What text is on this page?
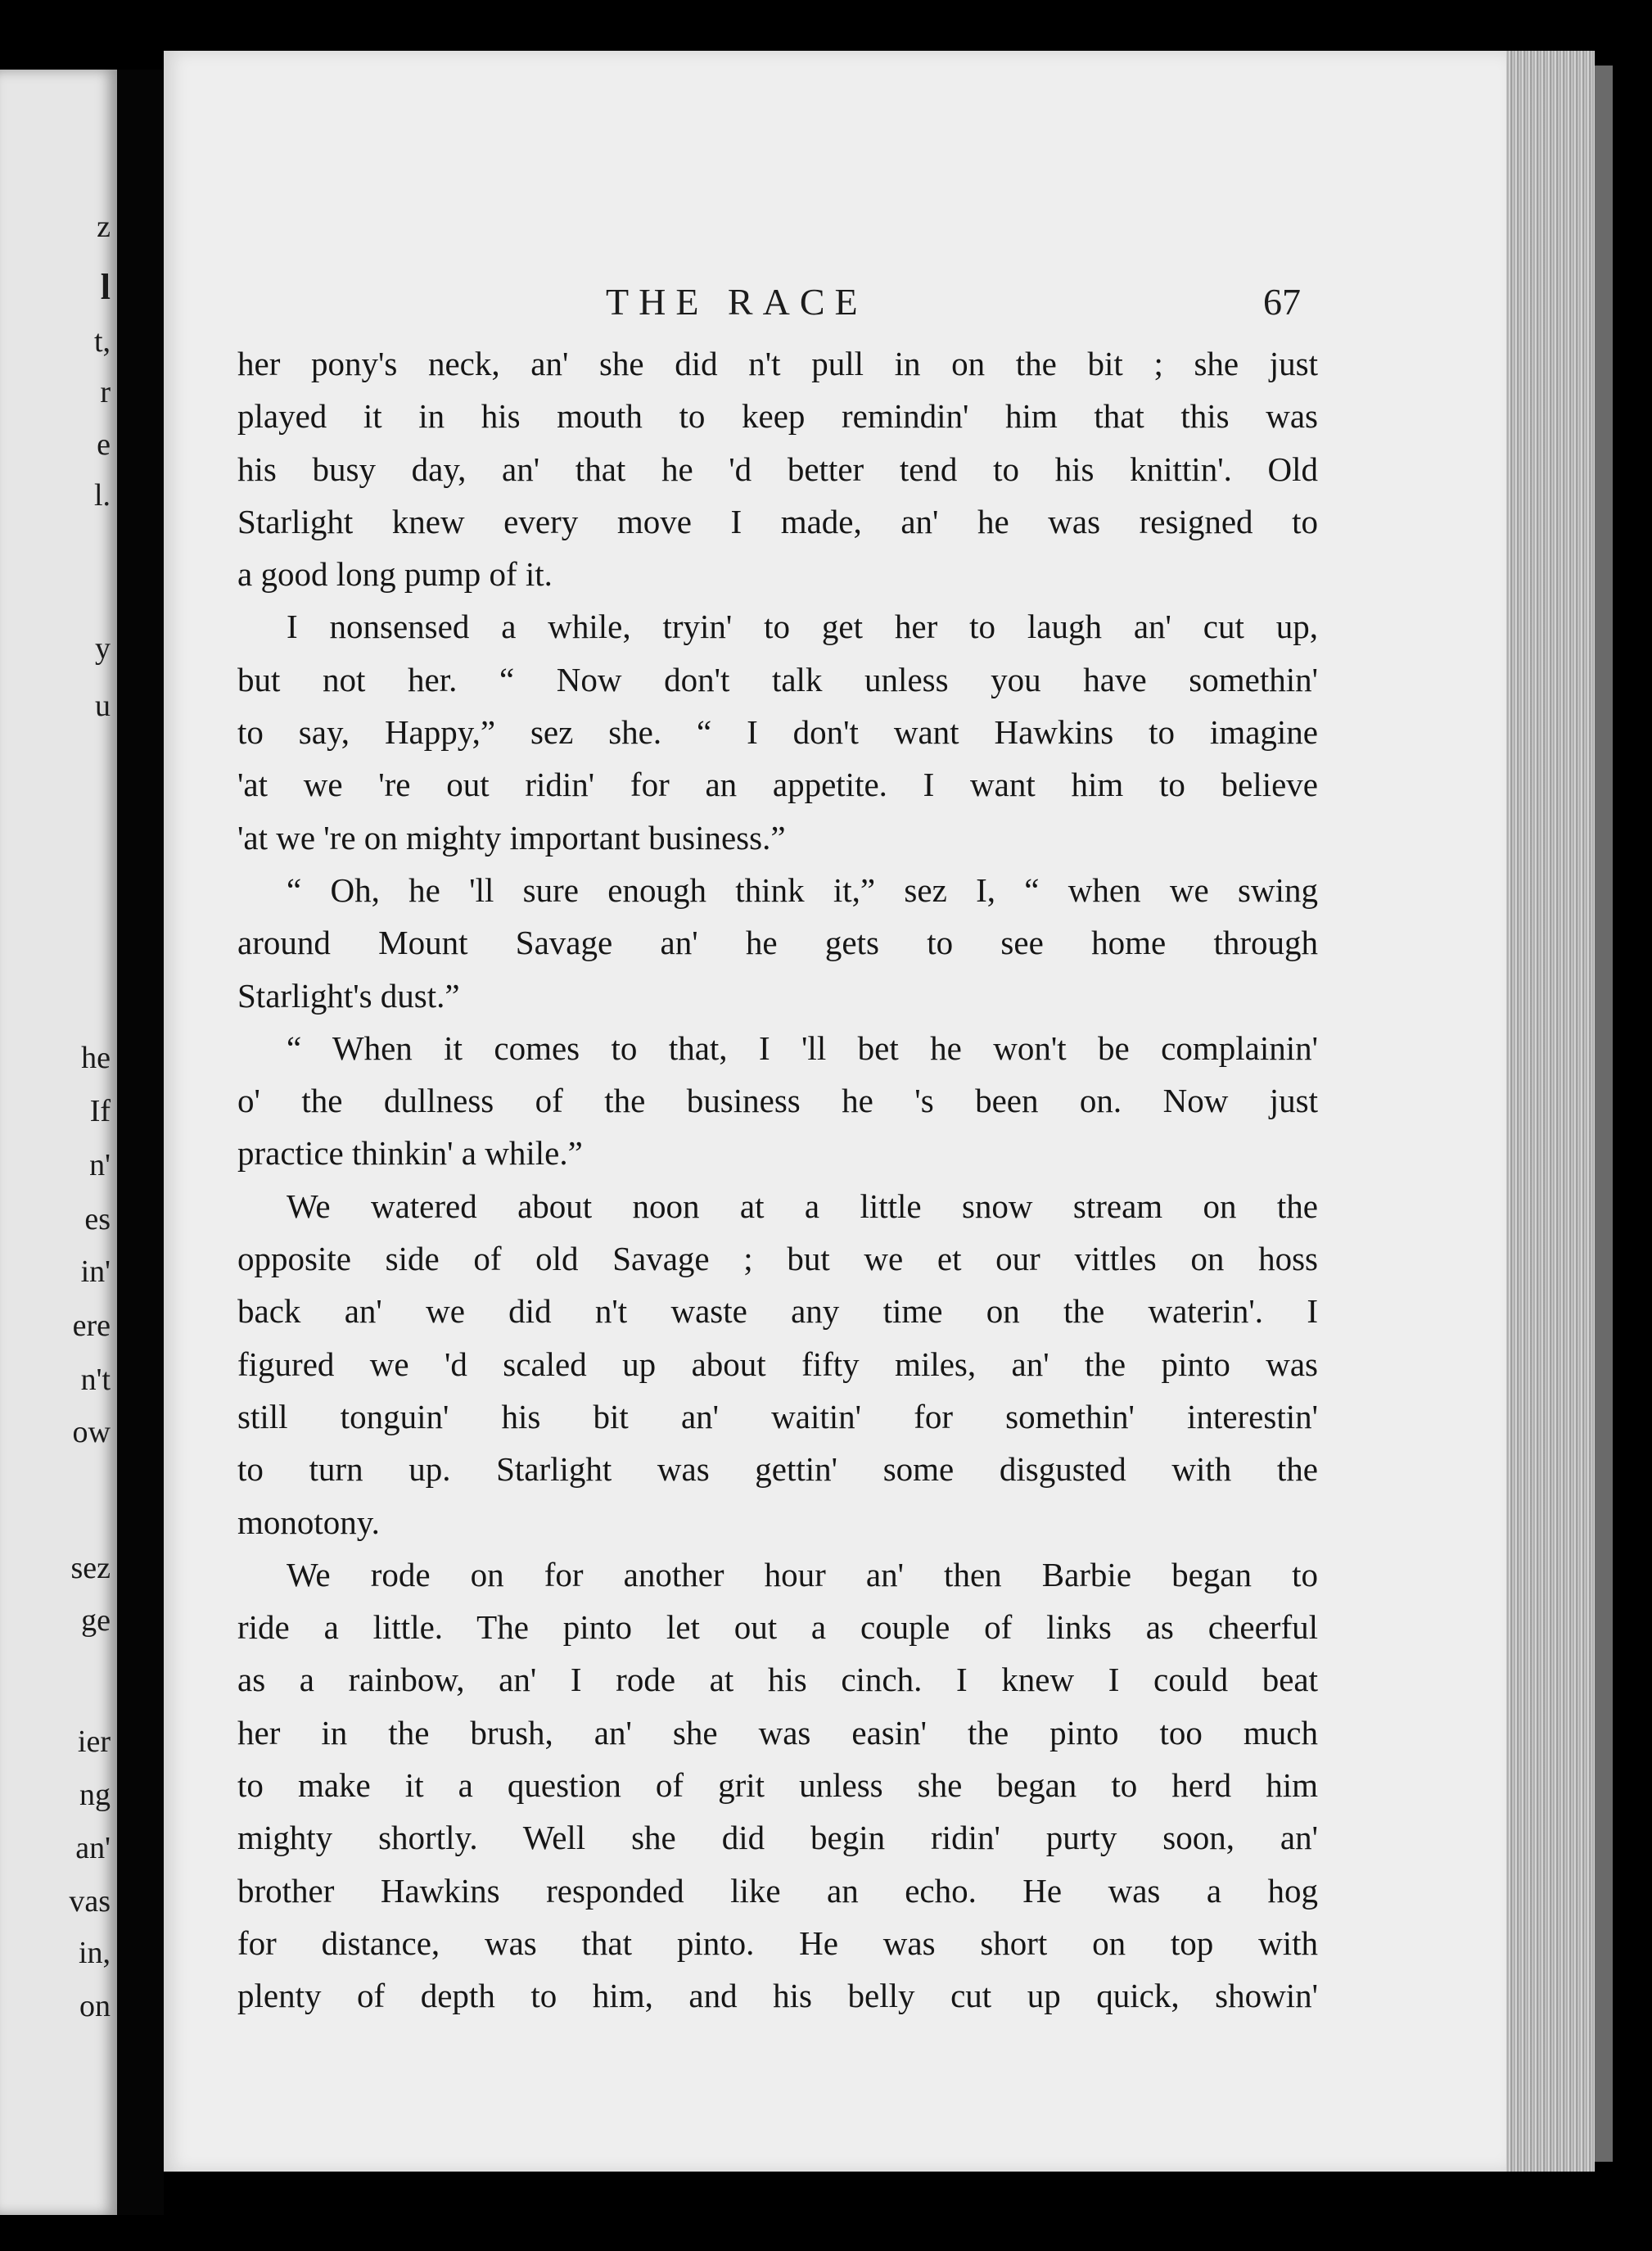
z
l
t,
r
e
l.
y
u
he
If
n'
es
in'
ere
n't
ow
sez
ge
ier
ng
an'
vas
in,
on
THE RACE	67
her pony's neck, an' she did n't pull in on the bit ; she just
played it in his mouth to keep remindin' him that this was
his busy day, an' that he 'd better tend to his knittin'. Old
Starlight knew every move I made, an' he was resigned to
a good long pump of it.
I nonsensed a while, tryin' to get her to laugh an' cut up,
but not her. “ Now don't talk unless you have somethin'
to say, Happy,” sez she. “ I don't want Hawkins to imagine
'at we 're out ridin' for an appetite. I want him to believe
'at we 're on mighty important business.”
“ Oh, he 'll sure enough think it,” sez I, “ when we swing
around Mount Savage an' he gets to see home through
Starlight's dust.”
“ When it comes to that, I 'll bet he won't be complainin'
o' the dullness of the business he 's been on. Now just
practice thinkin' a while.”
We watered about noon at a little snow stream on the
opposite side of old Savage ; but we et our vittles on hoss
back an' we did n't waste any time on the waterin'. I
figured we 'd scaled up about fifty miles, an' the pinto was
still tonguin' his bit an' waitin' for somethin' interestin'
to turn up. Starlight was gettin' some disgusted with the
monotony.
We rode on for another hour an' then Barbie began to
ride a little. The pinto let out a couple of links as cheerful
as a rainbow, an' I rode at his cinch. I knew I could beat
her in the brush, an' she was easin' the pinto too much
to make it a question of grit unless she began to herd him
mighty shortly. Well she did begin ridin' purty soon, an'
brother Hawkins responded like an echo. He was a hog
for distance, was that pinto. He was short on top with
plenty of depth to him, and his belly cut up quick, showin'
